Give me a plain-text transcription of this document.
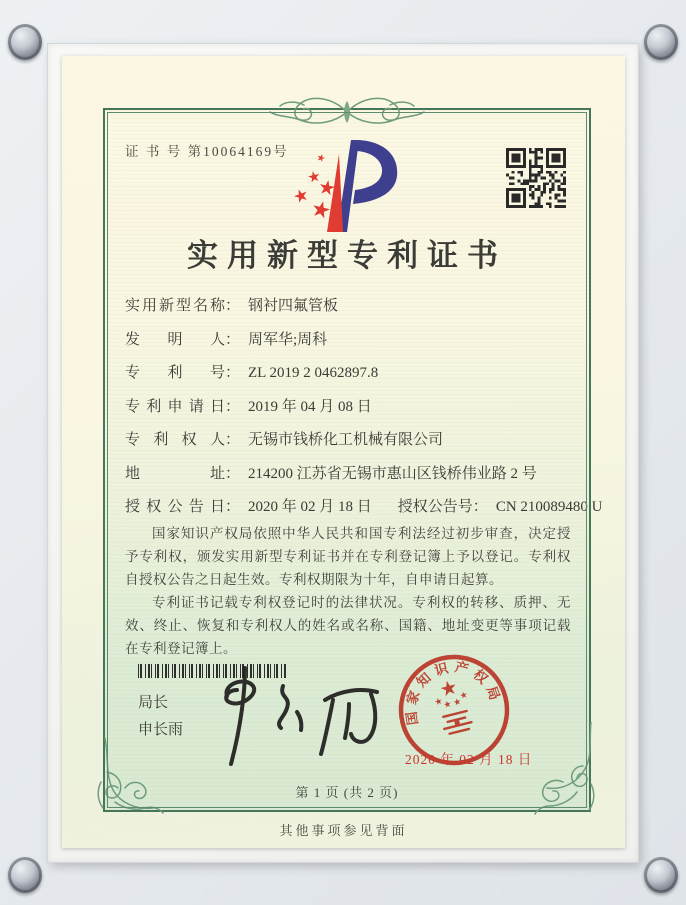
证 书 号 第10064169号
实用新型专利证书
实用新型名称： 钢衬四氟管板
发明人： 周军华;周科
专利号： ZL 2019 2 0462897.8
专利申请日： 2019 年 04 月 08 日
专利权人： 无锡市钱桥化工机械有限公司
地址： 214200 江苏省无锡市惠山区钱桥伟业路 2 号
授权公告日： 2020 年 02 月 18 日 授权公告号： CN 210089480 U

国家知识产权局依照中华人民共和国专利法经过初步审查，决定授予专利权，颁发实用新型专利证书并在专利登记簿上予以登记。专利权自授权公告之日起生效。专利权期限为十年，自申请日起算。

专利证书记载专利权登记时的法律状况。专利权的转移、质押、无效、终止、恢复和专利权人的姓名或名称、国籍、地址变更等事项记载在专利登记簿上。

局长
申长雨
国家知识产权局
2020 年 02 月 18 日
第 1 页 (共 2 页)
其他事项参见背面
